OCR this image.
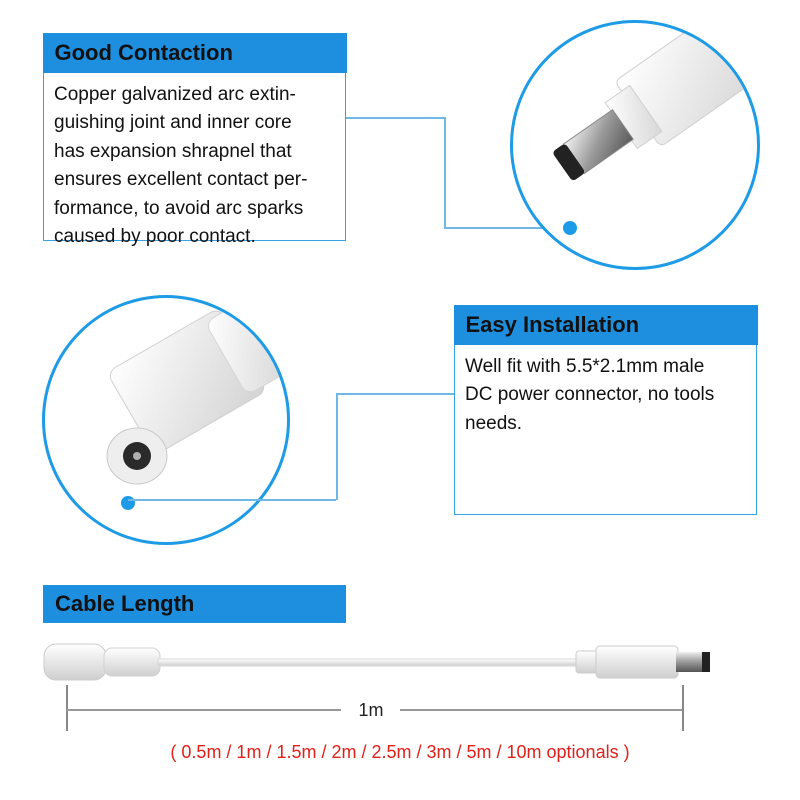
Good Contaction
Copper galvanized arc extin-
guishing joint and inner core
has expansion shrapnel that
ensures excellent contact per-
formance, to avoid arc sparks
caused by poor contact.
Easy Installation
Well fit with 5.5*2.1mm male
DC power connector, no tools
needs.
Cable Length
1m
( 0.5m / 1m / 1.5m / 2m / 2.5m / 3m / 5m / 10m optionals )
